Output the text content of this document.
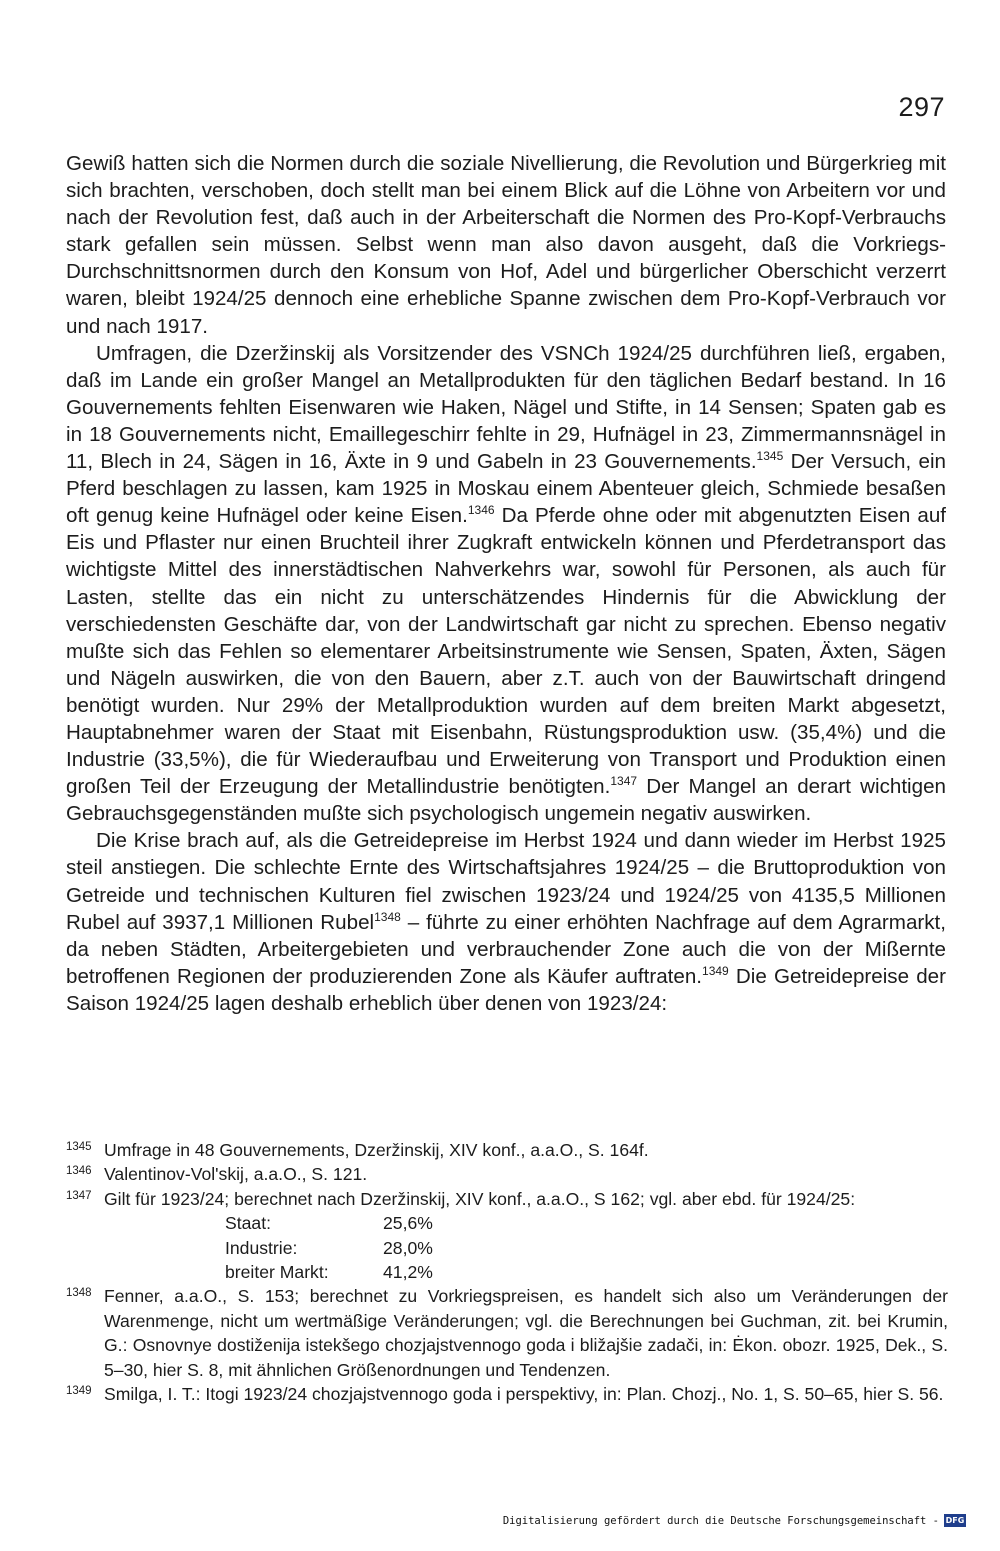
297

Gewiß hatten sich die Normen durch die soziale Nivellierung, die Revolution und Bürgerkrieg mit sich brachten, verschoben, doch stellt man bei einem Blick auf die Löhne von Arbeitern vor und nach der Revolution fest, daß auch in der Arbeiterschaft die Normen des Pro-Kopf-Verbrauchs stark gefallen sein müssen. Selbst wenn man also davon ausgeht, daß die Vorkriegs-Durchschnittsnormen durch den Konsum von Hof, Adel und bürgerlicher Oberschicht verzerrt waren, bleibt 1924/25 dennoch eine erhebliche Spanne zwischen dem Pro-Kopf-Verbrauch vor und nach 1917.

Umfragen, die Dzeržinskij als Vorsitzender des VSNCh 1924/25 durchführen ließ, ergaben, daß im Lande ein großer Mangel an Metallprodukten für den täglichen Bedarf bestand. In 16 Gouvernements fehlten Eisenwaren wie Haken, Nägel und Stifte, in 14 Sensen; Spaten gab es in 18 Gouvernements nicht, Emaillegeschirr fehlte in 29, Hufnägel in 23, Zimmermannsnägel in 11, Blech in 24, Sägen in 16, Äxte in 9 und Gabeln in 23 Gouvernements.$^{1345}$ Der Versuch, ein Pferd beschlagen zu lassen, kam 1925 in Moskau einem Abenteuer gleich, Schmiede besaßen oft genug keine Hufnägel oder keine Eisen.$^{1346}$ Da Pferde ohne oder mit abgenutzten Eisen auf Eis und Pflaster nur einen Bruchteil ihrer Zugkraft entwickeln können und Pferdetransport das wichtigste Mittel des innerstädtischen Nahverkehrs war, sowohl für Personen, als auch für Lasten, stellte das ein nicht zu unterschätzendes Hindernis für die Abwicklung der verschiedensten Geschäfte dar, von der Landwirtschaft gar nicht zu sprechen. Ebenso negativ mußte sich das Fehlen so elementarer Arbeitsinstrumente wie Sensen, Spaten, Äxten, Sägen und Nägeln auswirken, die von den Bauern, aber z.T. auch von der Bauwirtschaft dringend benötigt wurden. Nur 29% der Metallproduktion wurden auf dem breiten Markt abgesetzt, Hauptabnehmer waren der Staat mit Eisenbahn, Rüstungsproduktion usw. (35,4%) und die Industrie (33,5%), die für Wiederaufbau und Erweiterung von Transport und Produktion einen großen Teil der Erzeugung der Metallindustrie benötigten.$^{1347}$ Der Mangel an derart wichtigen Gebrauchsgegenständen mußte sich psychologisch ungemein negativ auswirken.

Die Krise brach auf, als die Getreidepreise im Herbst 1924 und dann wieder im Herbst 1925 steil anstiegen. Die schlechte Ernte des Wirtschaftsjahres 1924/25 – die Bruttoproduktion von Getreide und technischen Kulturen fiel zwischen 1923/24 und 1924/25 von 4135,5 Millionen Rubel auf 3937,1 Millionen Rubel$^{1348}$ – führte zu einer erhöhten Nachfrage auf dem Agrarmarkt, da neben Städten, Arbeitergebieten und verbrauchender Zone auch die von der Mißernte betroffenen Regionen der produzierenden Zone als Käufer auftraten.$^{1349}$ Die Getreidepreise der Saison 1924/25 lagen deshalb erheblich über denen von 1923/24:

1345 Umfrage in 48 Gouvernements, Dzeržinskij, XIV konf., a.a.O., S. 164f.
1346 Valentinov-Vol'skij, a.a.O., S. 121.
1347 Gilt für 1923/24; berechnet nach Dzeržinskij, XIV konf., a.a.O., S 162; vgl. aber ebd. für 1924/25:
Staat:	25,6%
Industrie:	28,0%
breiter Markt:	41,2%
1348 Fenner, a.a.O., S. 153; berechnet zu Vorkriegspreisen, es handelt sich also um Veränderungen der Warenmenge, nicht um wertmäßige Veränderungen; vgl. die Berechnungen bei Guchman, zit. bei Krumin, G.: Osnovnye dostiženija istekšego chozjajstvennogo goda i bližajšie zadači, in: Ėkon. obozr. 1925, Dek., S. 5–30, hier S. 8, mit ähnlichen Größenordnungen und Tendenzen.
1349 Smilga, I. T.: Itogi 1923/24 chozjajstvennogo goda i perspektivy, in: Plan. Chozj., No. 1, S. 50–65, hier S. 56.
Digitalisierung gefördert durch die Deutsche Forschungsgemeinschaft - DFG
